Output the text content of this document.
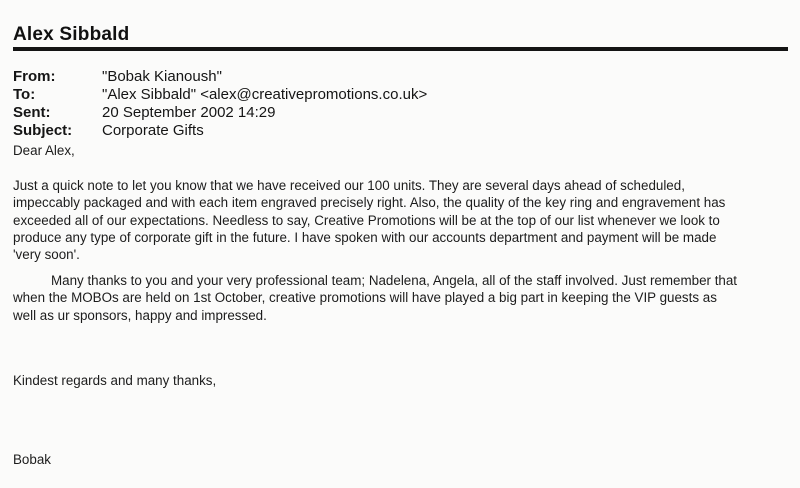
Alex Sibbald
From:	"Bobak Kianoush"
To:	"Alex Sibbald" <alex@creativepromotions.co.uk>
Sent:	20 September 2002 14:29
Subject: Corporate Gifts
Dear Alex,
Just a quick note to let you know that we have received our 100 units. They are several days ahead of scheduled,
impeccably packaged and with each item engraved precisely right. Also, the quality of the key ring and engravement has
exceeded all of our expectations. Needless to say, Creative Promotions will be at the top of our list whenever we look to
produce any type of corporate gift in the future. I have spoken with our accounts department and payment will be made
'very soon'.
Many thanks to you and your very professional team; Nadelena, Angela, all of the staff involved. Just remember that
when the MOBOs are held on 1st October, creative promotions will have played a big part in keeping the VIP guests as
well as ur sponsors, happy and impressed.
Kindest regards and many thanks,
Bobak
